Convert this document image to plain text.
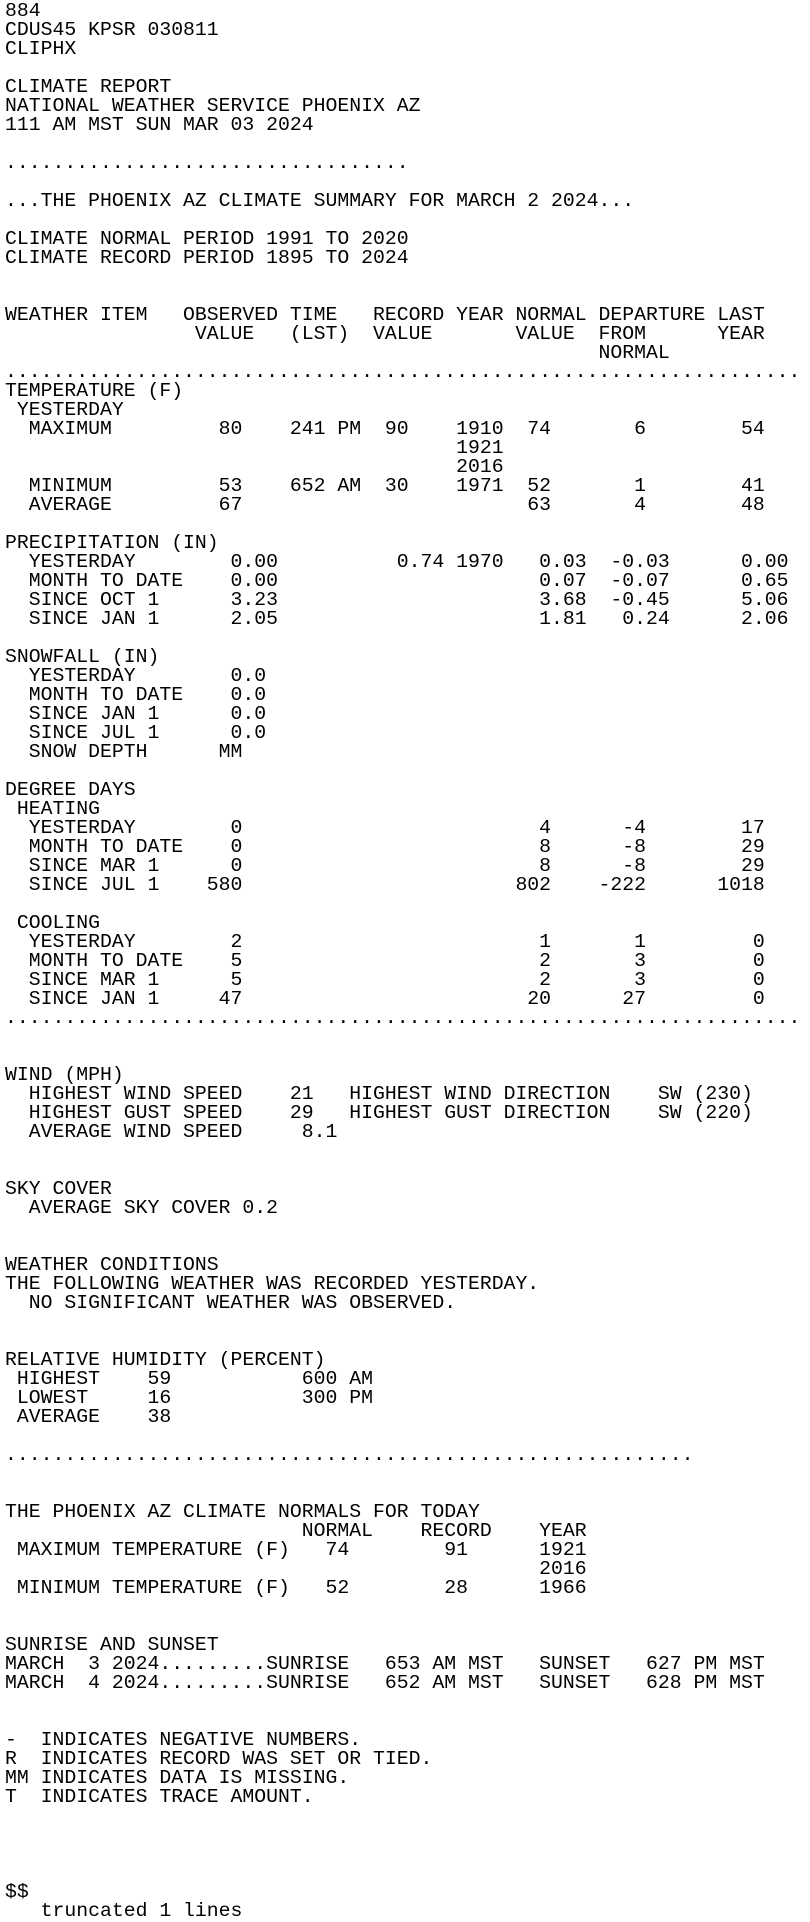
884
CDUS45 KPSR 030811
CLIPHX
CLIMATE REPORT
NATIONAL WEATHER SERVICE PHOENIX AZ
111 AM MST SUN MAR 03 2024
..................................
...THE PHOENIX AZ CLIMATE SUMMARY FOR MARCH 2 2024...
CLIMATE NORMAL PERIOD 1991 TO 2020
CLIMATE RECORD PERIOD 1895 TO 2024
WEATHER ITEM   OBSERVED TIME   RECORD YEAR NORMAL DEPARTURE LAST
VALUE   (LST)  VALUE       VALUE  FROM      YEAR
NORMAL
...................................................................
TEMPERATURE (F)
YESTERDAY
MAXIMUM         80    241 PM  90    1910  74       6        54
1921
2016
MINIMUM         53    652 AM  30    1971  52       1        41
AVERAGE         67                        63       4        48
PRECIPITATION (IN)
YESTERDAY        0.00          0.74 1970   0.03  -0.03      0.00
MONTH TO DATE    0.00                      0.07  -0.07      0.65
SINCE OCT 1      3.23                      3.68  -0.45      5.06
SINCE JAN 1      2.05                      1.81   0.24      2.06
SNOWFALL (IN)
YESTERDAY        0.0
MONTH TO DATE    0.0
SINCE JAN 1      0.0
SINCE JUL 1      0.0
SNOW DEPTH      MM
DEGREE DAYS
HEATING
YESTERDAY        0                         4      -4        17
MONTH TO DATE    0                         8      -8        29
SINCE MAR 1      0                         8      -8        29
SINCE JUL 1    580                       802    -222      1018
COOLING
YESTERDAY        2                         1       1         0
MONTH TO DATE    5                         2       3         0
SINCE MAR 1      5                         2       3         0
SINCE JAN 1     47                        20      27         0
...................................................................
WIND (MPH)
HIGHEST WIND SPEED    21   HIGHEST WIND DIRECTION    SW (230)
HIGHEST GUST SPEED    29   HIGHEST GUST DIRECTION    SW (220)
AVERAGE WIND SPEED     8.1
SKY COVER
AVERAGE SKY COVER 0.2
WEATHER CONDITIONS
THE FOLLOWING WEATHER WAS RECORDED YESTERDAY.
NO SIGNIFICANT WEATHER WAS OBSERVED.
RELATIVE HUMIDITY (PERCENT)
HIGHEST    59           600 AM
LOWEST     16           300 PM
AVERAGE    38
..........................................................
THE PHOENIX AZ CLIMATE NORMALS FOR TODAY
NORMAL    RECORD    YEAR
MAXIMUM TEMPERATURE (F)   74        91      1921
2016
MINIMUM TEMPERATURE (F)   52        28      1966
SUNRISE AND SUNSET
MARCH  3 2024.........SUNRISE   653 AM MST   SUNSET   627 PM MST
MARCH  4 2024.........SUNRISE   652 AM MST   SUNSET   628 PM MST
-  INDICATES NEGATIVE NUMBERS.
R  INDICATES RECORD WAS SET OR TIED.
MM INDICATES DATA IS MISSING.
T  INDICATES TRACE AMOUNT.
$$
truncated 1 lines
